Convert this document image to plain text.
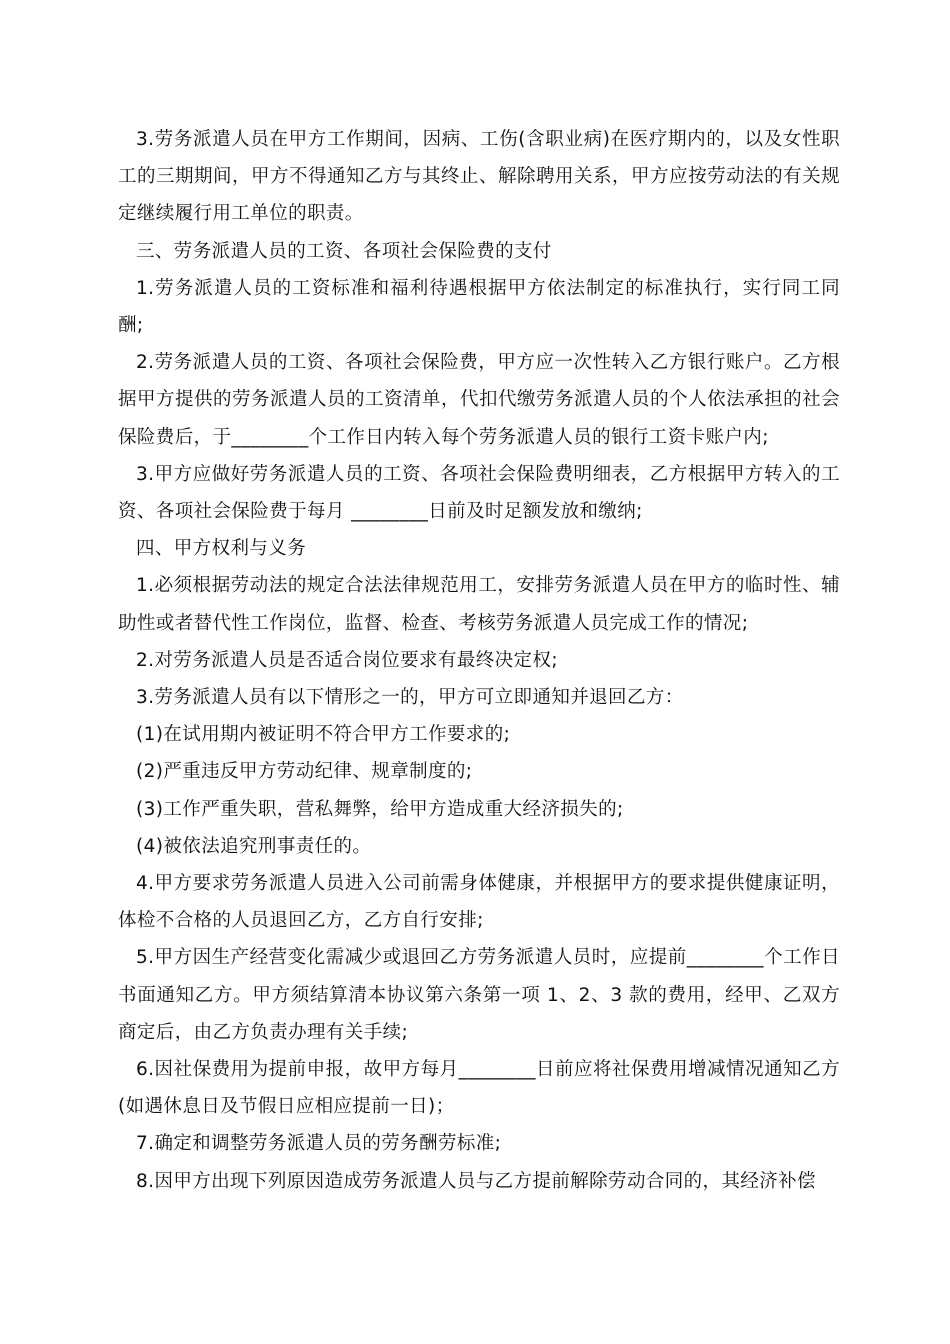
3.劳务派遣人员在甲方工作期间，因病、工伤(含职业病)在医疗期内的，以及女性职工的三期期间，甲方不得通知乙方与其终止、解除聘用关系，甲方应按劳动法的有关规定继续履行用工单位的职责。

三、劳务派遣人员的工资、各项社会保险费的支付

1.劳务派遣人员的工资标准和福利待遇根据甲方依法制定的标准执行，实行同工同酬;

2.劳务派遣人员的工资、各项社会保险费，甲方应一次性转入乙方银行账户。乙方根据甲方提供的劳务派遣人员的工资清单，代扣代缴劳务派遣人员的个人依法承担的社会保险费后，于________个工作日内转入每个劳务派遣人员的银行工资卡账户内;

3.甲方应做好劳务派遣人员的工资、各项社会保险费明细表，乙方根据甲方转入的工资、各项社会保险费于每月 ________日前及时足额发放和缴纳;

四、甲方权利与义务

1.必须根据劳动法的规定合法法律规范用工，安排劳务派遣人员在甲方的临时性、辅助性或者替代性工作岗位，监督、检查、考核劳务派遣人员完成工作的情况;

2.对劳务派遣人员是否适合岗位要求有最终决定权;

3.劳务派遣人员有以下情形之一的，甲方可立即通知并退回乙方：

(1)在试用期内被证明不符合甲方工作要求的;

(2)严重违反甲方劳动纪律、规章制度的;

(3)工作严重失职，营私舞弊，给甲方造成重大经济损失的;

(4)被依法追究刑事责任的。

4.甲方要求劳务派遣人员进入公司前需身体健康，并根据甲方的要求提供健康证明，体检不合格的人员退回乙方，乙方自行安排;

5.甲方因生产经营变化需减少或退回乙方劳务派遣人员时，应提前________个工作日书面通知乙方。甲方须结算清本协议第六条第一项 1、2、3 款的费用，经甲、乙双方商定后，由乙方负责办理有关手续;

6.因社保费用为提前申报，故甲方每月________日前应将社保费用增减情况通知乙方(如遇休息日及节假日应相应提前一日)；

7.确定和调整劳务派遣人员的劳务酬劳标准;

8.因甲方出现下列原因造成劳务派遣人员与乙方提前解除劳动合同的，其经济补偿
